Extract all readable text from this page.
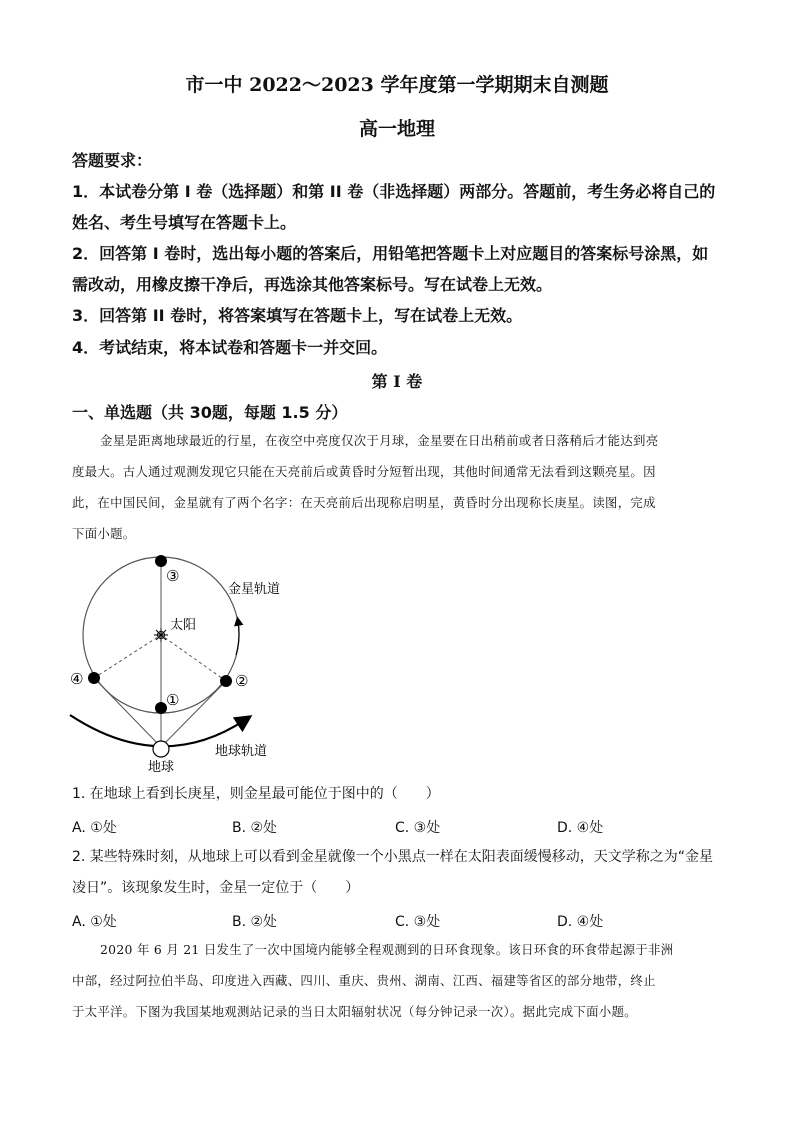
市一中 2022～2023 学年度第一学期期末自测题
高一地理
答题要求：
1．本试卷分第 I 卷（选择题）和第 II 卷（非选择题）两部分。答题前，考生务必将自己的
姓名、考生号填写在答题卡上。
2．回答第 I 卷时，选出每小题的答案后，用铅笔把答题卡上对应题目的答案标号涂黑，如
需改动，用橡皮擦干净后，再选涂其他答案标号。写在试卷上无效。
3．回答第 II 卷时，将答案填写在答题卡上，写在试卷上无效。
4．考试结束，将本试卷和答题卡一并交回。
第 I 卷
一、单选题（共 30题，每题 1.5 分）
金星是距离地球最近的行星，在夜空中亮度仅次于月球，金星要在日出稍前或者日落稍后才能达到亮
度最大。古人通过观测发现它只能在天亮前后或黄昏时分短暂出现，其他时间通常无法看到这颗亮星。因
此，在中国民间，金星就有了两个名字：在天亮前后出现称启明星，黄昏时分出现称长庚星。读图，完成
下面小题。
③
④	②
①
太阳
金星轨道
地球轨道
地球
1. 在地球上看到长庚星，则金星最可能位于图中的（　　）
A. ①处	B. ②处	C. ③处	D. ④处
2. 某些特殊时刻，从地球上可以看到金星就像一个小黑点一样在太阳表面缓慢移动，天文学称之为“金星
凌日”。该现象发生时，金星一定位于（　　）
A. ①处	B. ②处	C. ③处	D. ④处
2020 年 6 月 21 日发生了一次中国境内能够全程观测到的日环食现象。该日环食的环食带起源于非洲
中部，经过阿拉伯半岛、印度进入西藏、四川、重庆、贵州、湖南、江西、福建等省区的部分地带，终止
于太平洋。下图为我国某地观测站记录的当日太阳辐射状况（每分钟记录一次）。据此完成下面小题。
